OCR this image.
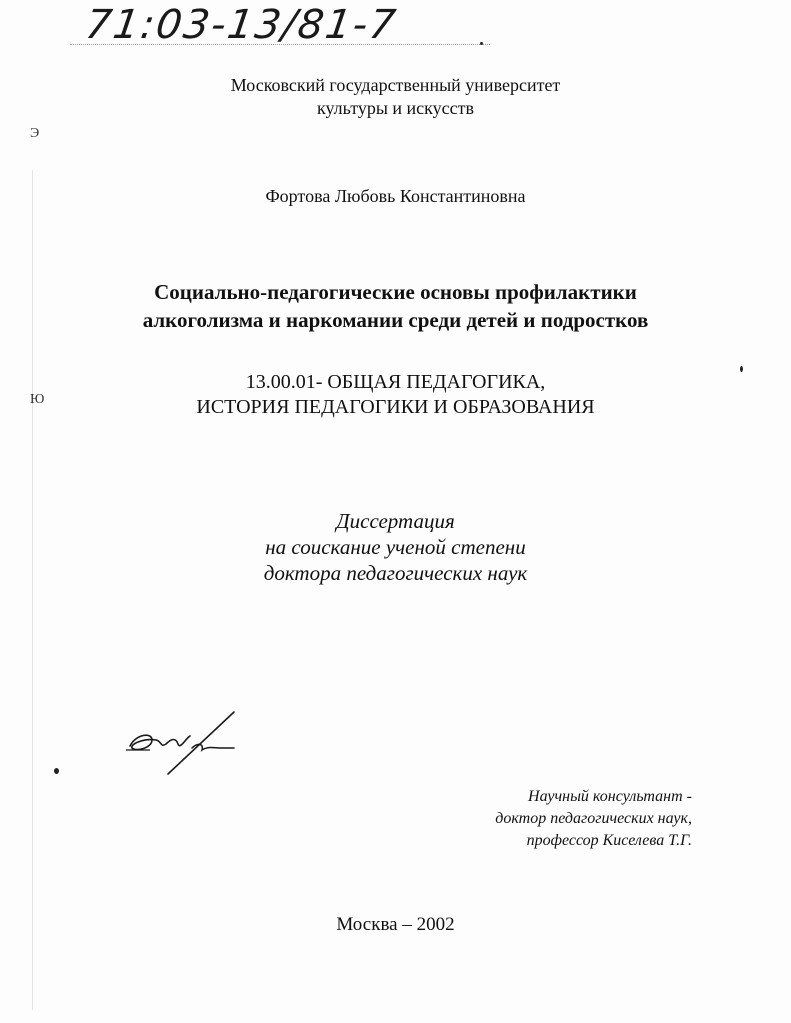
71:03-13/81-7
Московский государственный университет
культуры и искусств
Фортова Любовь Константиновна
Социально-педагогические основы профилактики
алкоголизма и наркомании среди детей и подростков
13.00.01- ОБЩАЯ ПЕДАГОГИКА,
ИСТОРИЯ ПЕДАГОГИКИ И ОБРАЗОВАНИЯ
Диссертация
на соискание ученой степени
доктора педагогических наук
Научный консультант -
доктор педагогических наук,
профессор Киселева Т.Г.
Москва – 2002
Э
Ю
